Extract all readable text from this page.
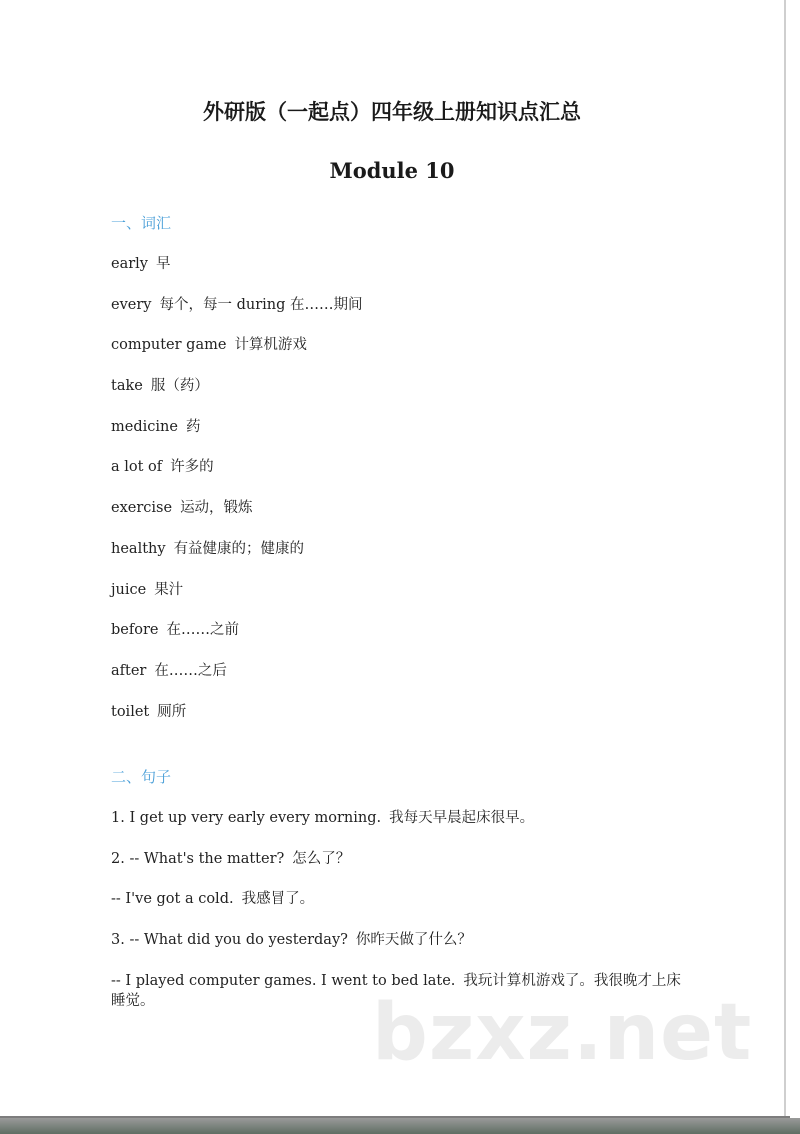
外研版（一起点）四年级上册知识点汇总
Module 10
一、词汇
early 早
every 每个，每一 during 在……期间
computer game 计算机游戏
take 服（药）
medicine 药
a lot of 许多的
exercise 运动，锻炼
healthy 有益健康的；健康的
juice 果汁
before 在……之前
after 在……之后
toilet 厕所
二、句子
1. I get up very early every morning. 我每天早晨起床很早。
2. -- What's the matter? 怎么了？
-- I've got a cold. 我感冒了。
3. -- What did you do yesterday? 你昨天做了什么？
-- I played computer games. I went to bed late. 我玩计算机游戏了。我很晚才上床睡觉。	bzxz.net
